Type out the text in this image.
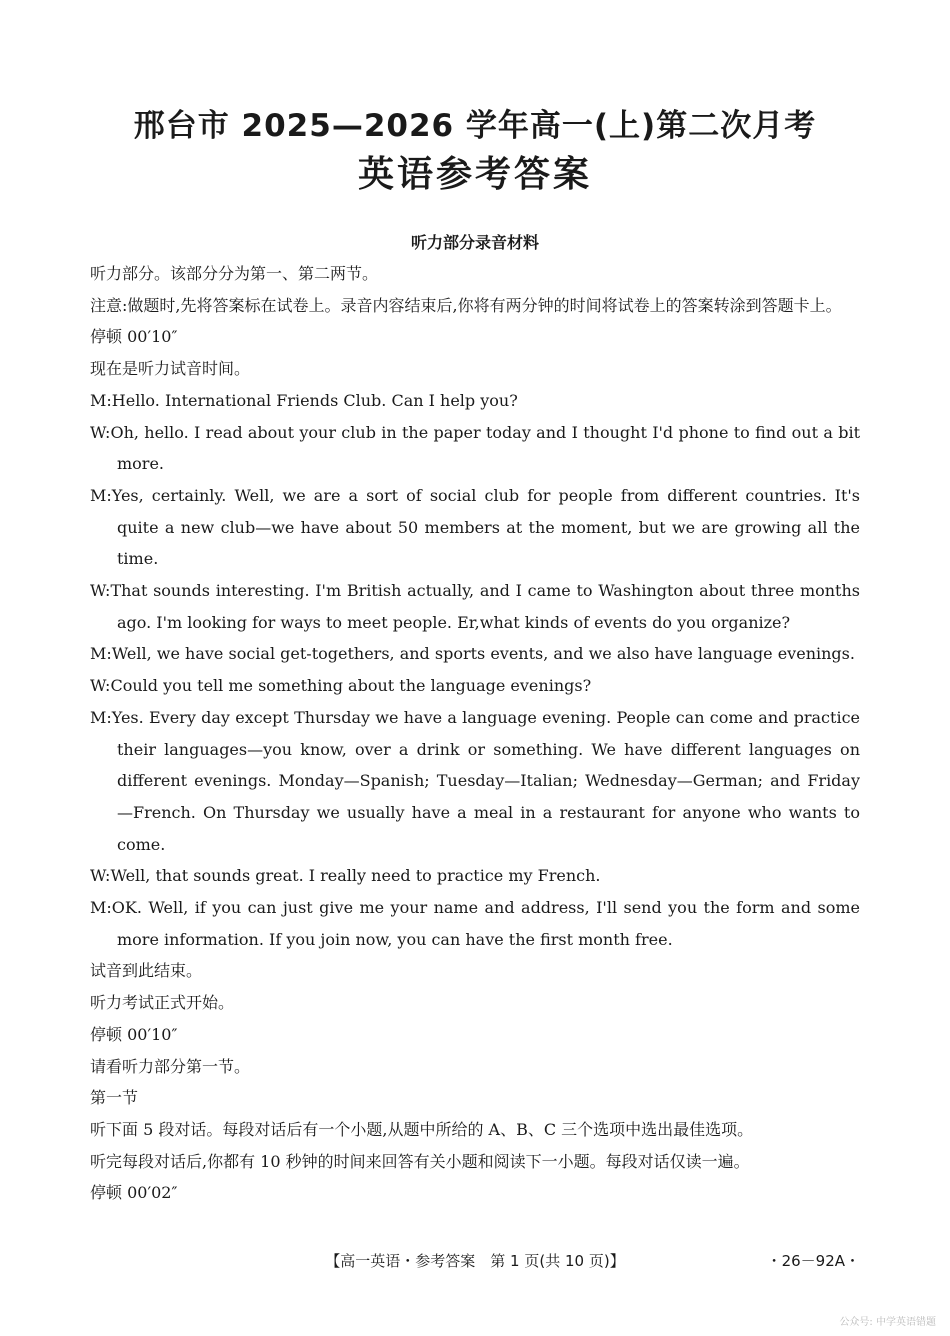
邢台市 2025—2026 学年高一(上)第二次月考
英语参考答案
听力部分录音材料

听力部分。该部分分为第一、第二两节。

注意:做题时,先将答案标在试卷上。录音内容结束后,你将有两分钟的时间将试卷上的答案转涂到答题卡上。

停顿 00′10″

现在是听力试音时间。

M:Hello. International Friends Club. Can I help you?

W:Oh, hello. I read about your club in the paper today and I thought I'd phone to find out a bit more.

M:Yes, certainly. Well, we are a sort of social club for people from different countries. It's quite a new club—we have about 50 members at the moment, but we are growing all the time.

W:That sounds interesting. I'm British actually, and I came to Washington about three months ago. I'm looking for ways to meet people. Er,what kinds of events do you organize?

M:Well, we have social get-togethers, and sports events, and we also have language evenings.

W:Could you tell me something about the language evenings?

M:Yes. Every day except Thursday we have a language evening. People can come and practice their languages—you know, over a drink or something. We have different languages on different evenings. Monday—Spanish; Tuesday—Italian; Wednesday—German; and Friday—French. On Thursday we usually have a meal in a restaurant for anyone who wants to come.

W:Well, that sounds great. I really need to practice my French.

M:OK. Well, if you can just give me your name and address, I'll send you the form and some more information. If you join now, you can have the first month free.

试音到此结束。

听力考试正式开始。

停顿 00′10″

请看听力部分第一节。

第一节

听下面 5 段对话。每段对话后有一个小题,从题中所给的 A、B、C 三个选项中选出最佳选项。

听完每段对话后,你都有 10 秒钟的时间来回答有关小题和阅读下一小题。每段对话仅读一遍。

停顿 00′02″

【高一英语・参考答案　第 1 页(共 10 页)】	・26－92A・
公众号: 中学英语错题
